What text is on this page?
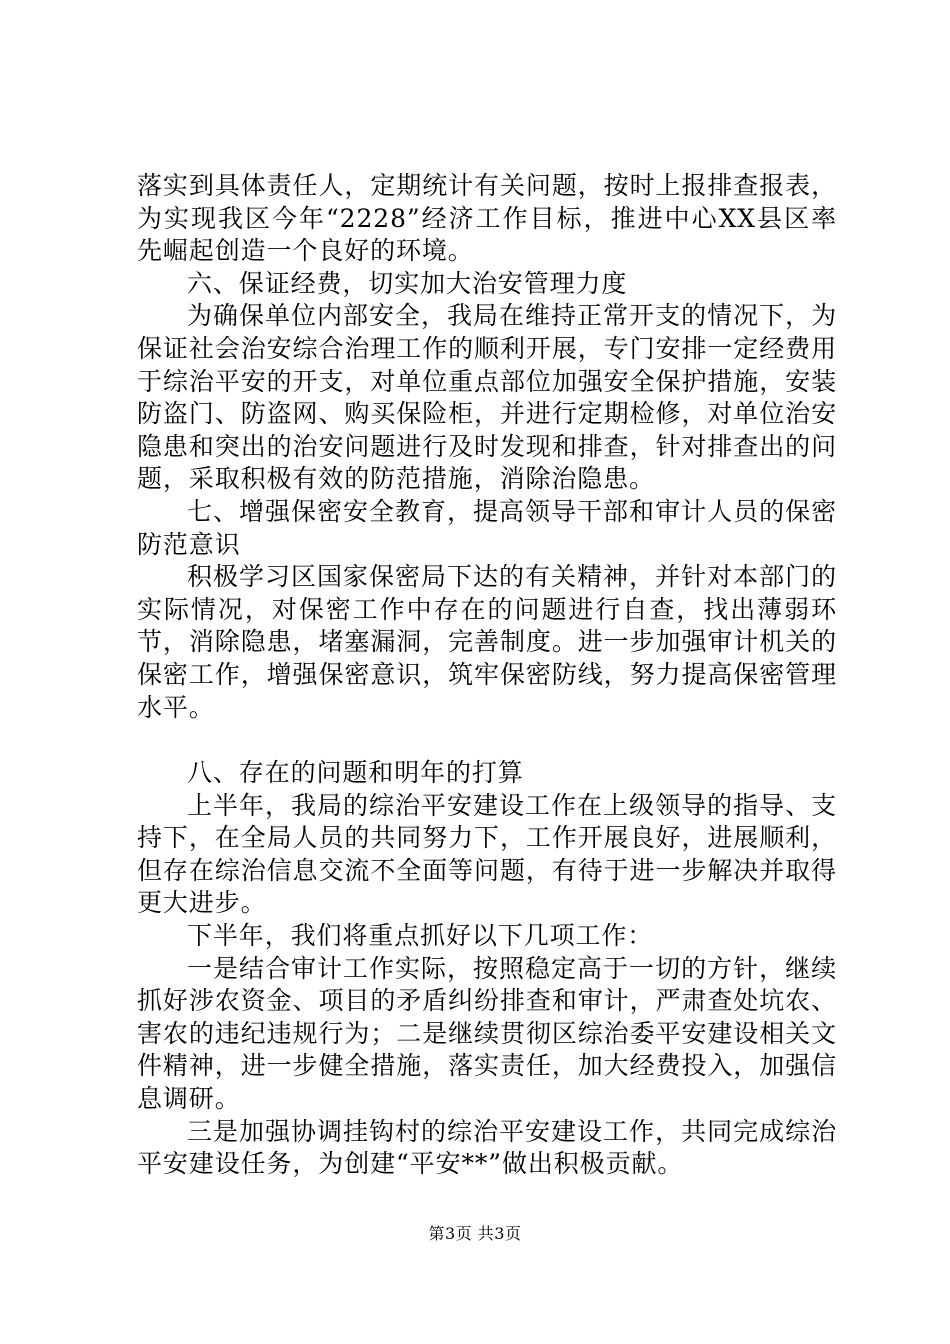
落实到具体责任人，定期统计有关问题，按时上报排查报表，为实现我区今年“2228”经济工作目标，推进中心XX县区率先崛起创造一个良好的环境。

六、保证经费，切实加大治安管理力度

为确保单位内部安全，我局在维持正常开支的情况下，为保证社会治安综合治理工作的顺利开展，专门安排一定经费用于综治平安的开支，对单位重点部位加强安全保护措施，安装防盗门、防盗网、购买保险柜，并进行定期检修，对单位治安隐患和突出的治安问题进行及时发现和排查，针对排查出的问题，采取积极有效的防范措施，消除治隐患。

七、增强保密安全教育，提高领导干部和审计人员的保密防范意识

积极学习区国家保密局下达的有关精神，并针对本部门的实际情况，对保密工作中存在的问题进行自查，找出薄弱环节，消除隐患，堵塞漏洞，完善制度。进一步加强审计机关的保密工作，增强保密意识，筑牢保密防线，努力提高保密管理水平。

八、存在的问题和明年的打算

上半年，我局的综治平安建设工作在上级领导的指导、支持下，在全局人员的共同努力下，工作开展良好，进展顺利，但存在综治信息交流不全面等问题，有待于进一步解决并取得更大进步。

下半年，我们将重点抓好以下几项工作：

一是结合审计工作实际，按照稳定高于一切的方针，继续抓好涉农资金、项目的矛盾纠纷排查和审计，严肃查处坑农、害农的违纪违规行为；二是继续贯彻区综治委平安建设相关文件精神，进一步健全措施，落实责任，加大经费投入，加强信息调研。

三是加强协调挂钩村的综治平安建设工作，共同完成综治平安建设任务，为创建“平安**”做出积极贡献。

第3页 共3页
